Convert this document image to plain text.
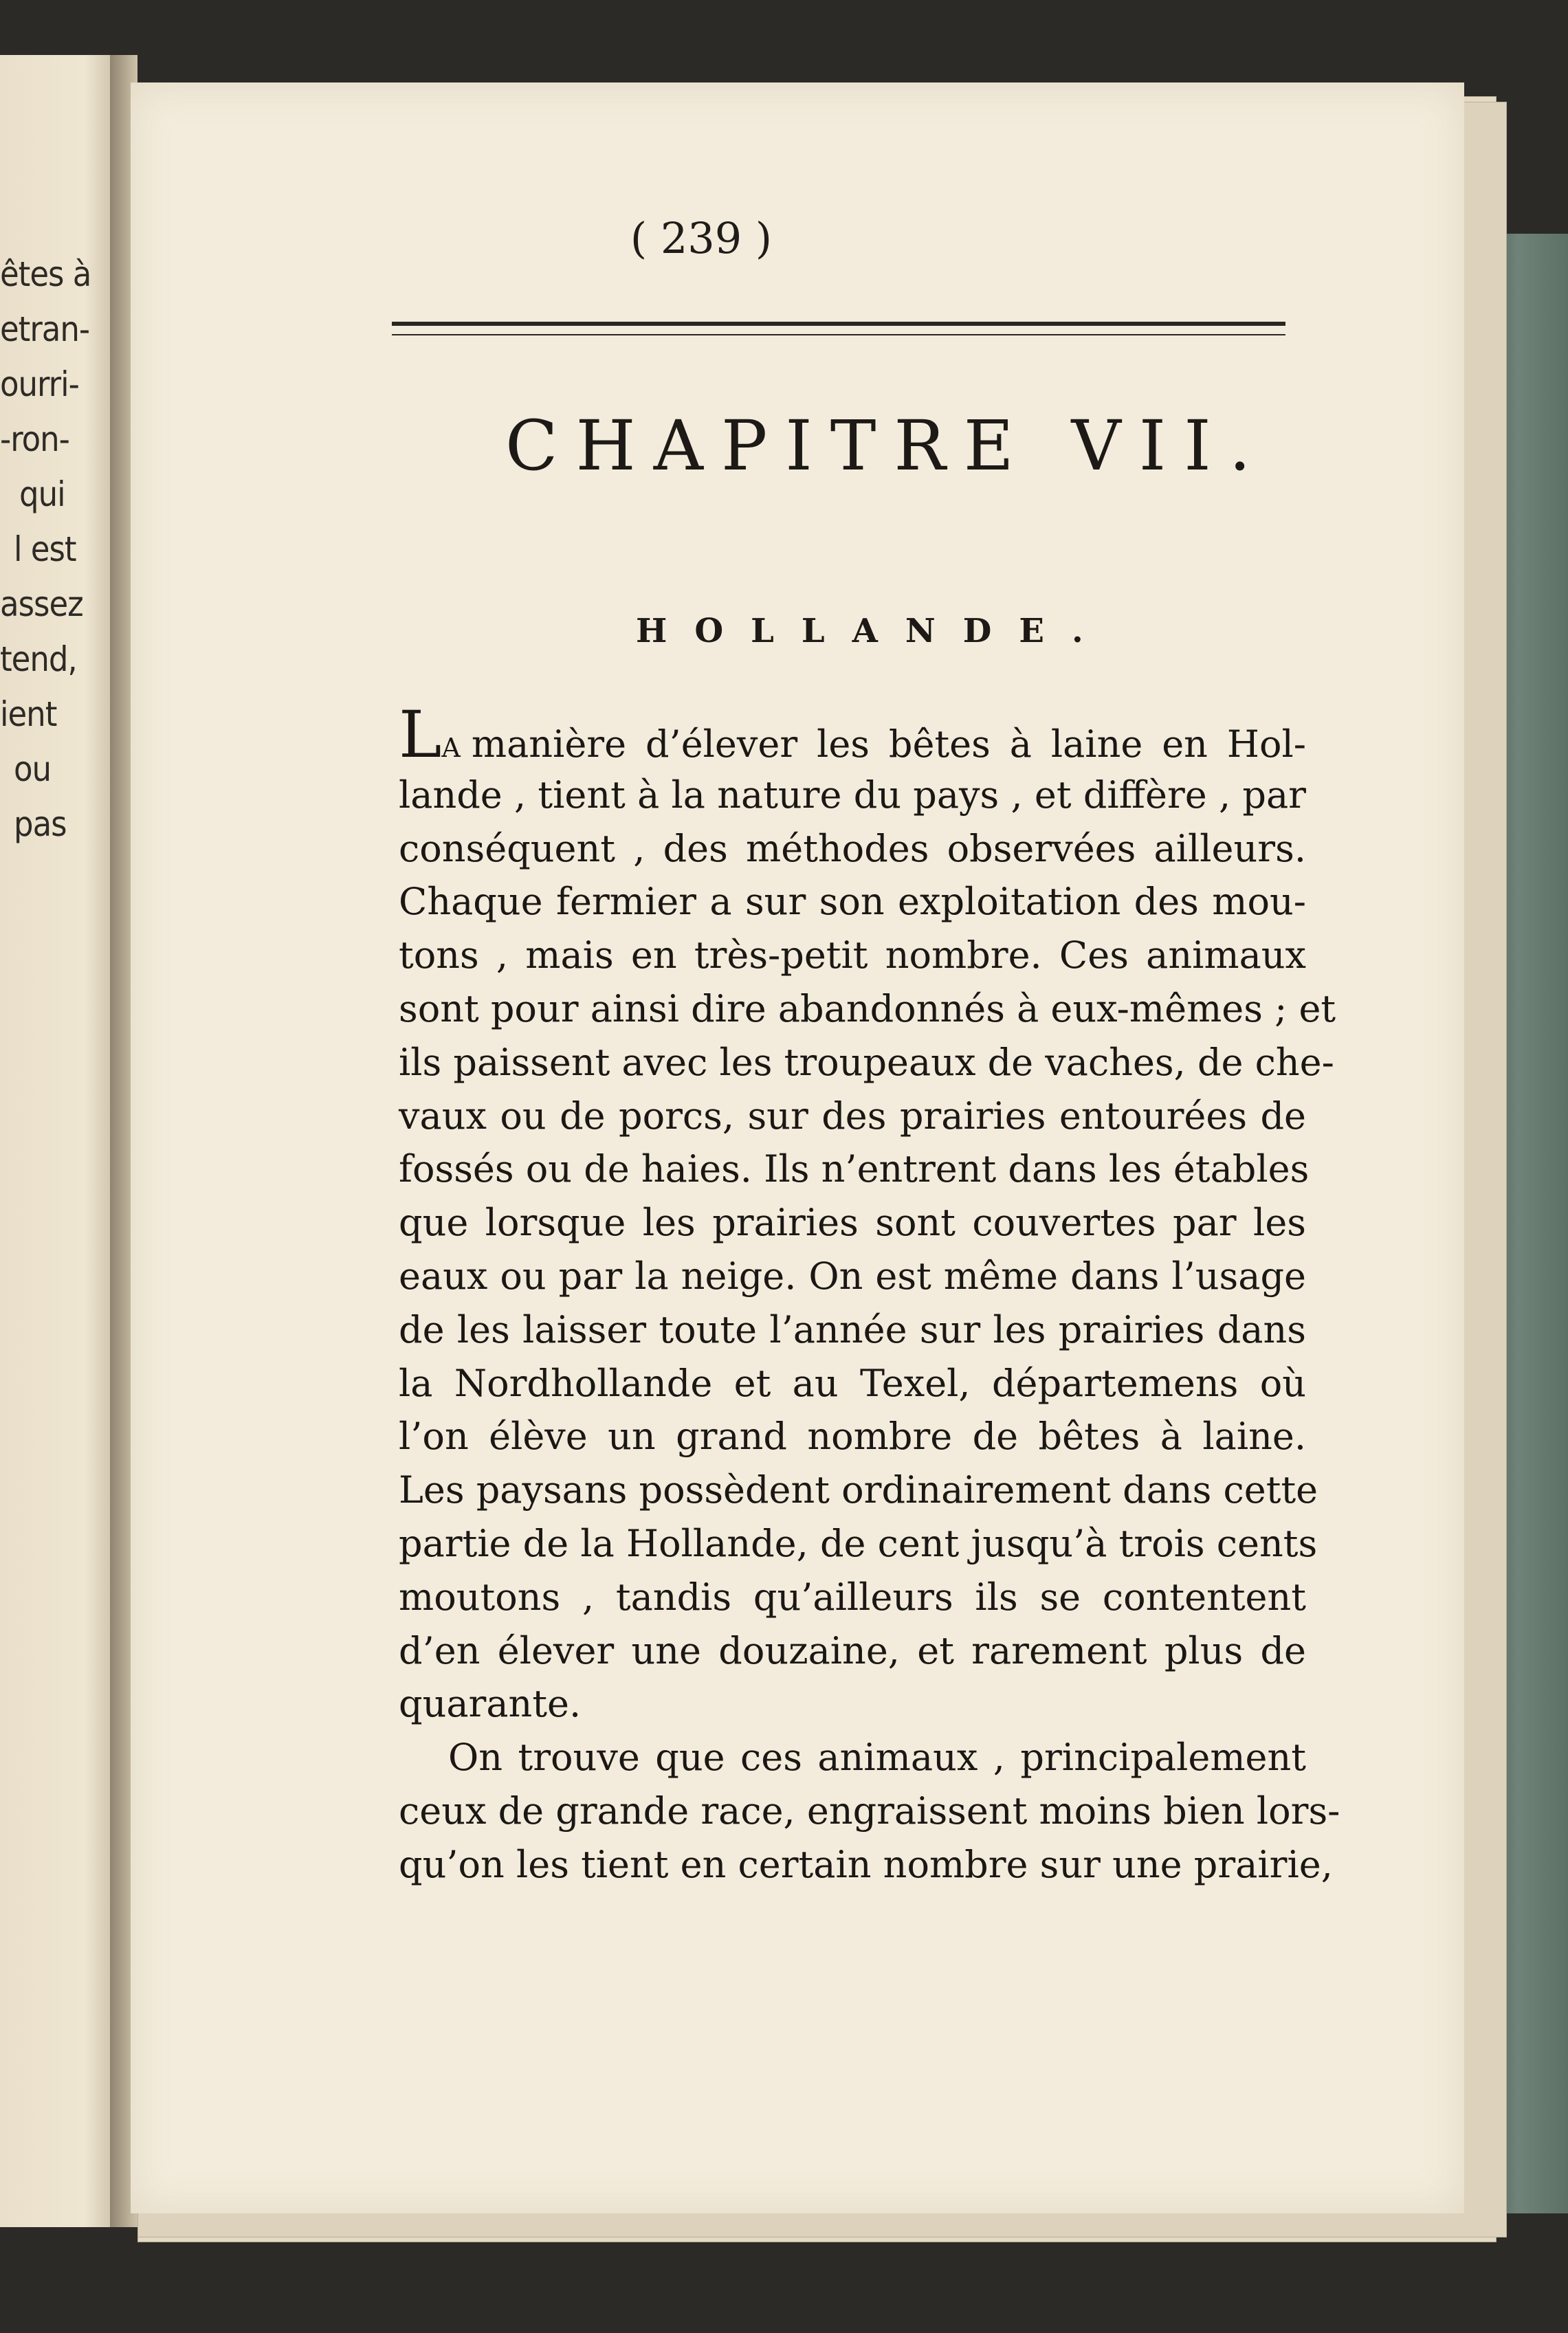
êtes à
etran-
ourri-
-ron-
qui
l est
assez
tend,
ient
ou
pas
( 239 )
CHAPITRE VII.
HOLLANDE.
LA manière d’élever les bêtes à laine en Hol-
lande , tient à la nature du pays , et diffère , par
conséquent , des méthodes observées ailleurs.
Chaque fermier a sur son exploitation des mou-
tons , mais en très-petit nombre. Ces animaux
sont pour ainsi dire abandonnés à eux-mêmes ; et
ils paissent avec les troupeaux de vaches, de che-
vaux ou de porcs, sur des prairies entourées de
fossés ou de haies. Ils n’entrent dans les étables
que lorsque les prairies sont couvertes par les
eaux ou par la neige. On est même dans l’usage
de les laisser toute l’année sur les prairies dans
la Nordhollande et au Texel, départemens où
l’on élève un grand nombre de bêtes à laine.
Les paysans possèdent ordinairement dans cette
partie de la Hollande, de cent jusqu’à trois cents
moutons , tandis qu’ailleurs ils se contentent
d’en élever une douzaine, et rarement plus de
quarante.
On trouve que ces animaux , principalement
ceux de grande race, engraissent moins bien lors-
qu’on les tient en certain nombre sur une prairie,
